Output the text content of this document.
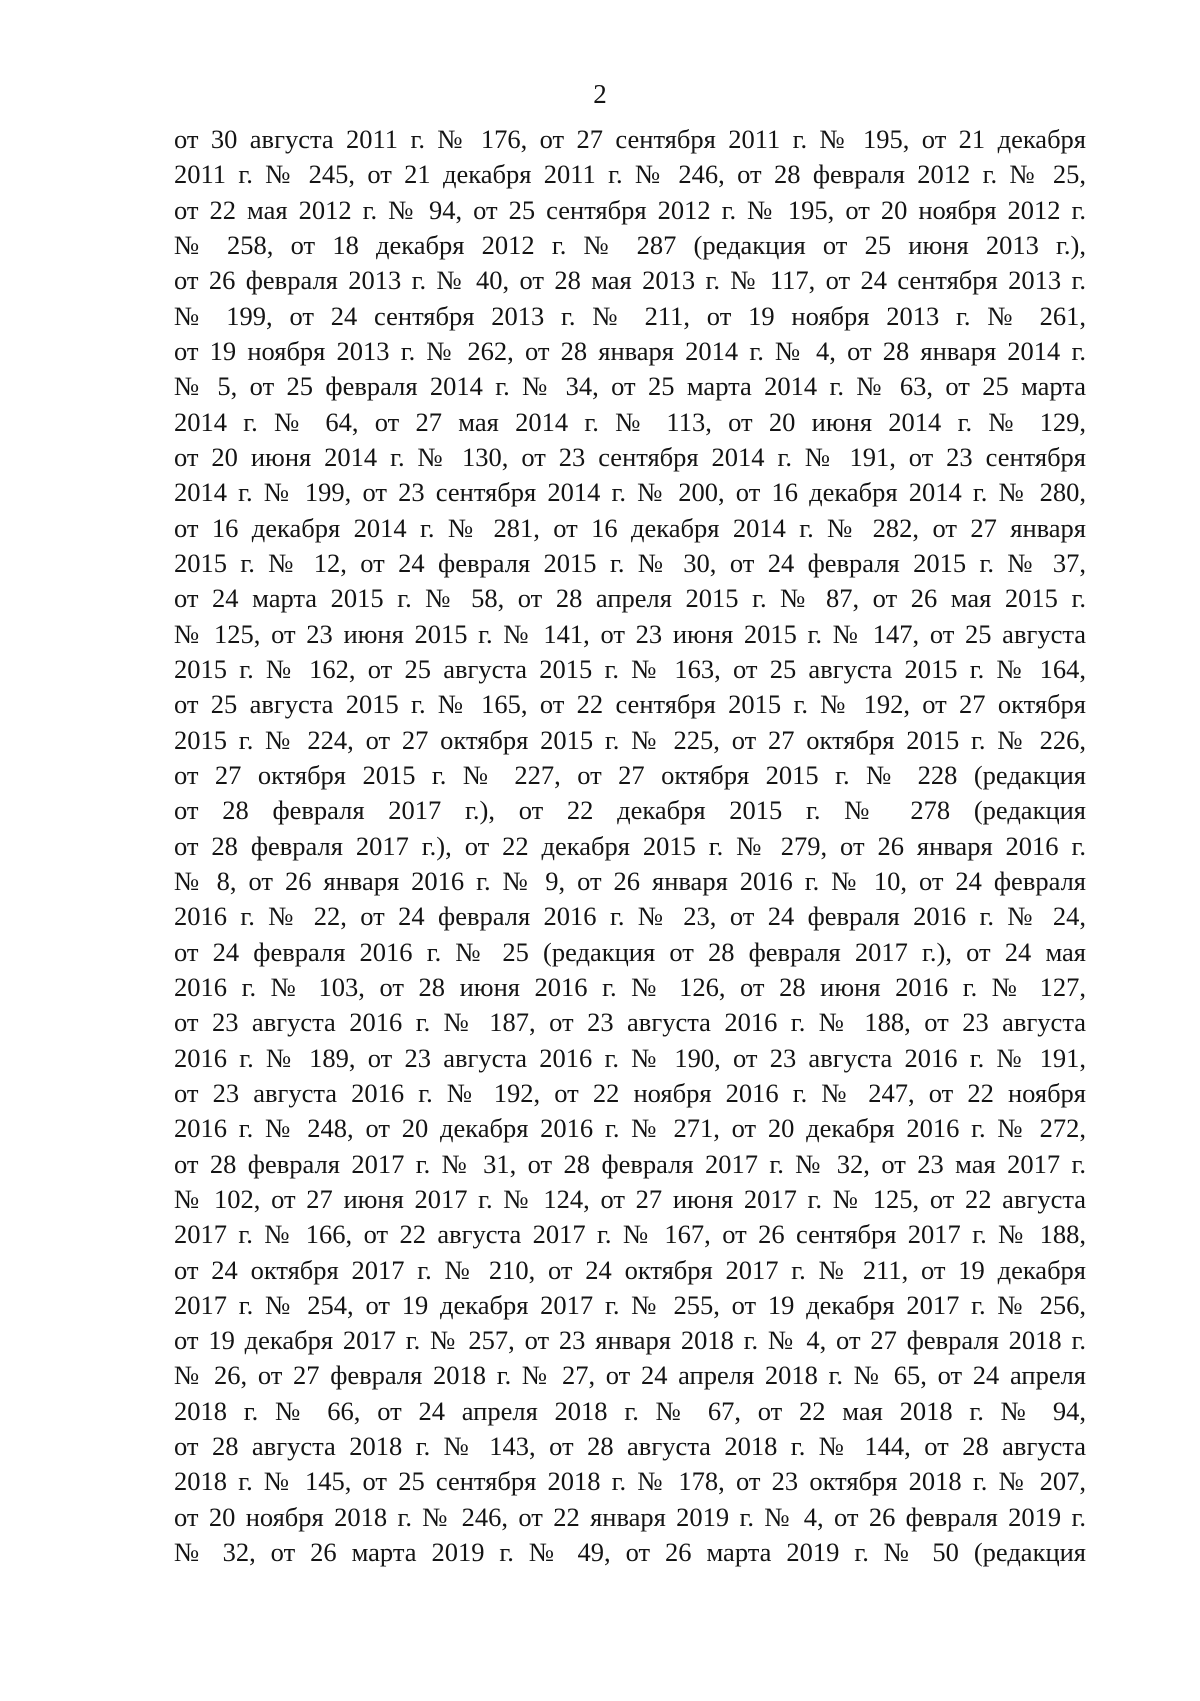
2
от 30 августа 2011 г. № 176, от 27 сентября 2011 г. № 195, от 21 декабря
2011 г. № 245, от 21 декабря 2011 г. № 246, от 28 февраля 2012 г. № 25,
от 22 мая 2012 г. № 94, от 25 сентября 2012 г. № 195, от 20 ноября 2012 г.
№ 258, от 18 декабря 2012 г. № 287 (редакция от 25 июня 2013 г.),
от 26 февраля 2013 г. № 40, от 28 мая 2013 г. № 117, от 24 сентября 2013 г.
№ 199, от 24 сентября 2013 г. № 211, от 19 ноября 2013 г. № 261,
от 19 ноября 2013 г. № 262, от 28 января 2014 г. № 4, от 28 января 2014 г.
№ 5, от 25 февраля 2014 г. № 34, от 25 марта 2014 г. № 63, от 25 марта
2014 г. № 64, от 27 мая 2014 г. № 113, от 20 июня 2014 г. № 129,
от 20 июня 2014 г. № 130, от 23 сентября 2014 г. № 191, от 23 сентября
2014 г. № 199, от 23 сентября 2014 г. № 200, от 16 декабря 2014 г. № 280,
от 16 декабря 2014 г. № 281, от 16 декабря 2014 г. № 282, от 27 января
2015 г. № 12, от 24 февраля 2015 г. № 30, от 24 февраля 2015 г. № 37,
от 24 марта 2015 г. № 58, от 28 апреля 2015 г. № 87, от 26 мая 2015 г.
№ 125, от 23 июня 2015 г. № 141, от 23 июня 2015 г. № 147, от 25 августа
2015 г. № 162, от 25 августа 2015 г. № 163, от 25 августа 2015 г. № 164,
от 25 августа 2015 г. № 165, от 22 сентября 2015 г. № 192, от 27 октября
2015 г. № 224, от 27 октября 2015 г. № 225, от 27 октября 2015 г. № 226,
от 27 октября 2015 г. № 227, от 27 октября 2015 г. № 228 (редакция
от 28 февраля 2017 г.), от 22 декабря 2015 г. № 278 (редакция
от 28 февраля 2017 г.), от 22 декабря 2015 г. № 279, от 26 января 2016 г.
№ 8, от 26 января 2016 г. № 9, от 26 января 2016 г. № 10, от 24 февраля
2016 г. № 22, от 24 февраля 2016 г. № 23, от 24 февраля 2016 г. № 24,
от 24 февраля 2016 г. № 25 (редакция от 28 февраля 2017 г.), от 24 мая
2016 г. № 103, от 28 июня 2016 г. № 126, от 28 июня 2016 г. № 127,
от 23 августа 2016 г. № 187, от 23 августа 2016 г. № 188, от 23 августа
2016 г. № 189, от 23 августа 2016 г. № 190, от 23 августа 2016 г. № 191,
от 23 августа 2016 г. № 192, от 22 ноября 2016 г. № 247, от 22 ноября
2016 г. № 248, от 20 декабря 2016 г. № 271, от 20 декабря 2016 г. № 272,
от 28 февраля 2017 г. № 31, от 28 февраля 2017 г. № 32, от 23 мая 2017 г.
№ 102, от 27 июня 2017 г. № 124, от 27 июня 2017 г. № 125, от 22 августа
2017 г. № 166, от 22 августа 2017 г. № 167, от 26 сентября 2017 г. № 188,
от 24 октября 2017 г. № 210, от 24 октября 2017 г. № 211, от 19 декабря
2017 г. № 254, от 19 декабря 2017 г. № 255, от 19 декабря 2017 г. № 256,
от 19 декабря 2017 г. № 257, от 23 января 2018 г. № 4, от 27 февраля 2018 г.
№ 26, от 27 февраля 2018 г. № 27, от 24 апреля 2018 г. № 65, от 24 апреля
2018 г. № 66, от 24 апреля 2018 г. № 67, от 22 мая 2018 г. № 94,
от 28 августа 2018 г. № 143, от 28 августа 2018 г. № 144, от 28 августа
2018 г. № 145, от 25 сентября 2018 г. № 178, от 23 октября 2018 г. № 207,
от 20 ноября 2018 г. № 246, от 22 января 2019 г. № 4, от 26 февраля 2019 г.
№ 32, от 26 марта 2019 г. № 49, от 26 марта 2019 г. № 50 (редакция
